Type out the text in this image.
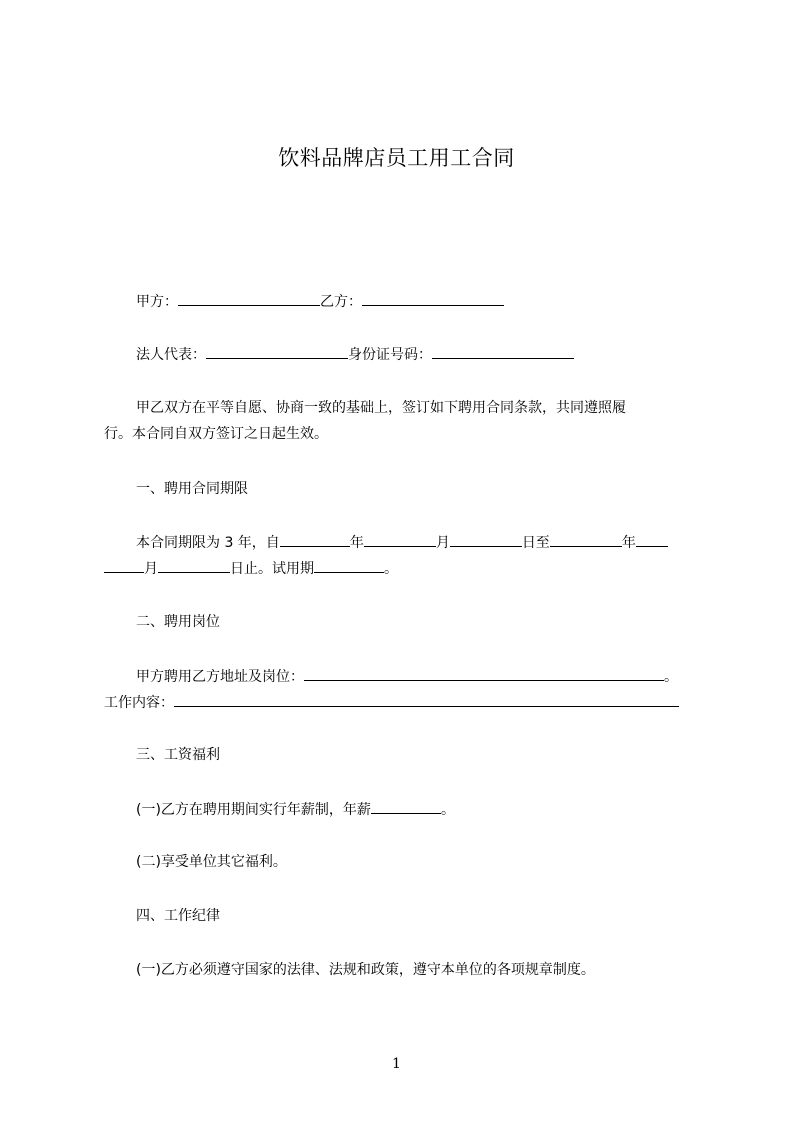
饮料品牌店员工用工合同
甲方：	乙方：
法人代表：	身份证号码：
甲乙双方在平等自愿、协商一致的基础上，签订如下聘用合同条款，共同遵照履
行。本合同自双方签订之日起生效。
一、聘用合同期限
本合同期限为 3 年，自	年	月	日至	年
月	日止。试用期	。
二、聘用岗位
甲方聘用乙方地址及岗位：	。
工作内容：
三、工资福利
(一)乙方在聘用期间实行年薪制，年薪	。
(二)享受单位其它福利。
四、工作纪律
(一)乙方必须遵守国家的法律、法规和政策，遵守本单位的各项规章制度。
1
